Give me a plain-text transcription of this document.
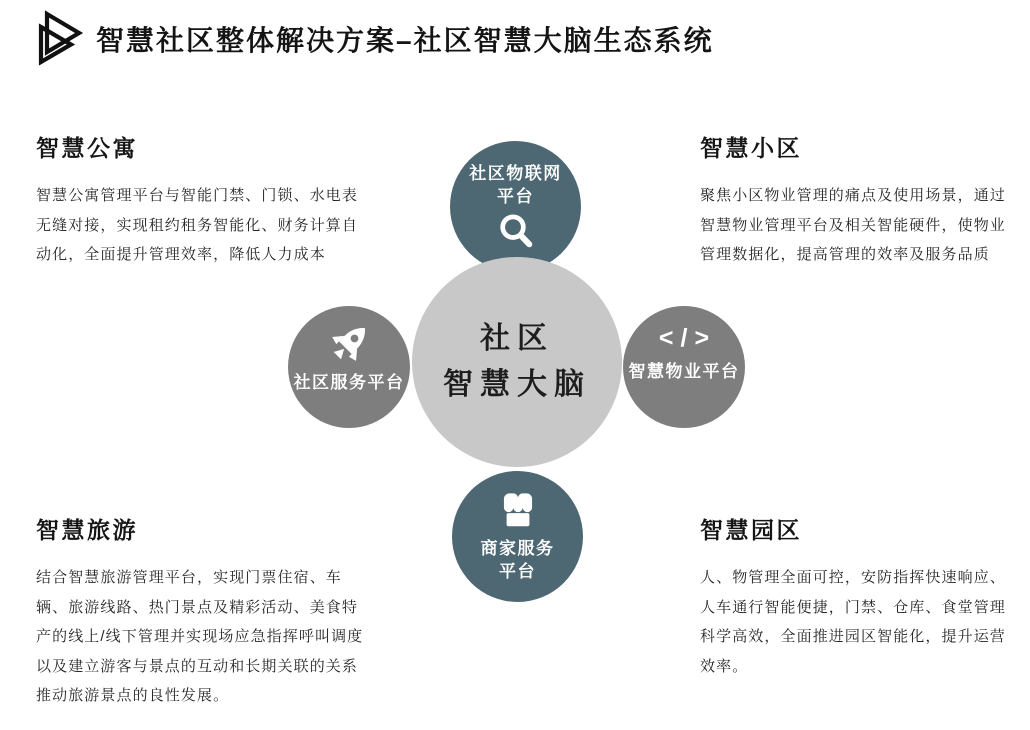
智慧社区整体解决方案–社区智慧大脑生态系统
智慧公寓

智慧公寓管理平台与智能门禁、门锁、水电表无缝对接，实现租约租务智能化、财务计算自动化，全面提升管理效率，降低人力成本

智慧小区

聚焦小区物业管理的痛点及使用场景，通过智慧物业管理平台及相关智能硬件，使物业管理数据化，提高管理的效率及服务品质

智慧旅游

结合智慧旅游管理平台，实现门票住宿、车辆、旅游线路、热门景点及精彩活动、美食特产的线上/线下管理并实现场应急指挥呼叫调度以及建立游客与景点的互动和长期关联的关系推动旅游景点的良性发展。

智慧园区

人、物管理全面可控，安防指挥快速响应、人车通行智能便捷，门禁、仓库、食堂管理科学高效，全面推进园区智能化，提升运营效率。

社区物联网
平台
社区服务平台
</>
智慧物业平台
商家服务
平台
社区
智慧大脑
